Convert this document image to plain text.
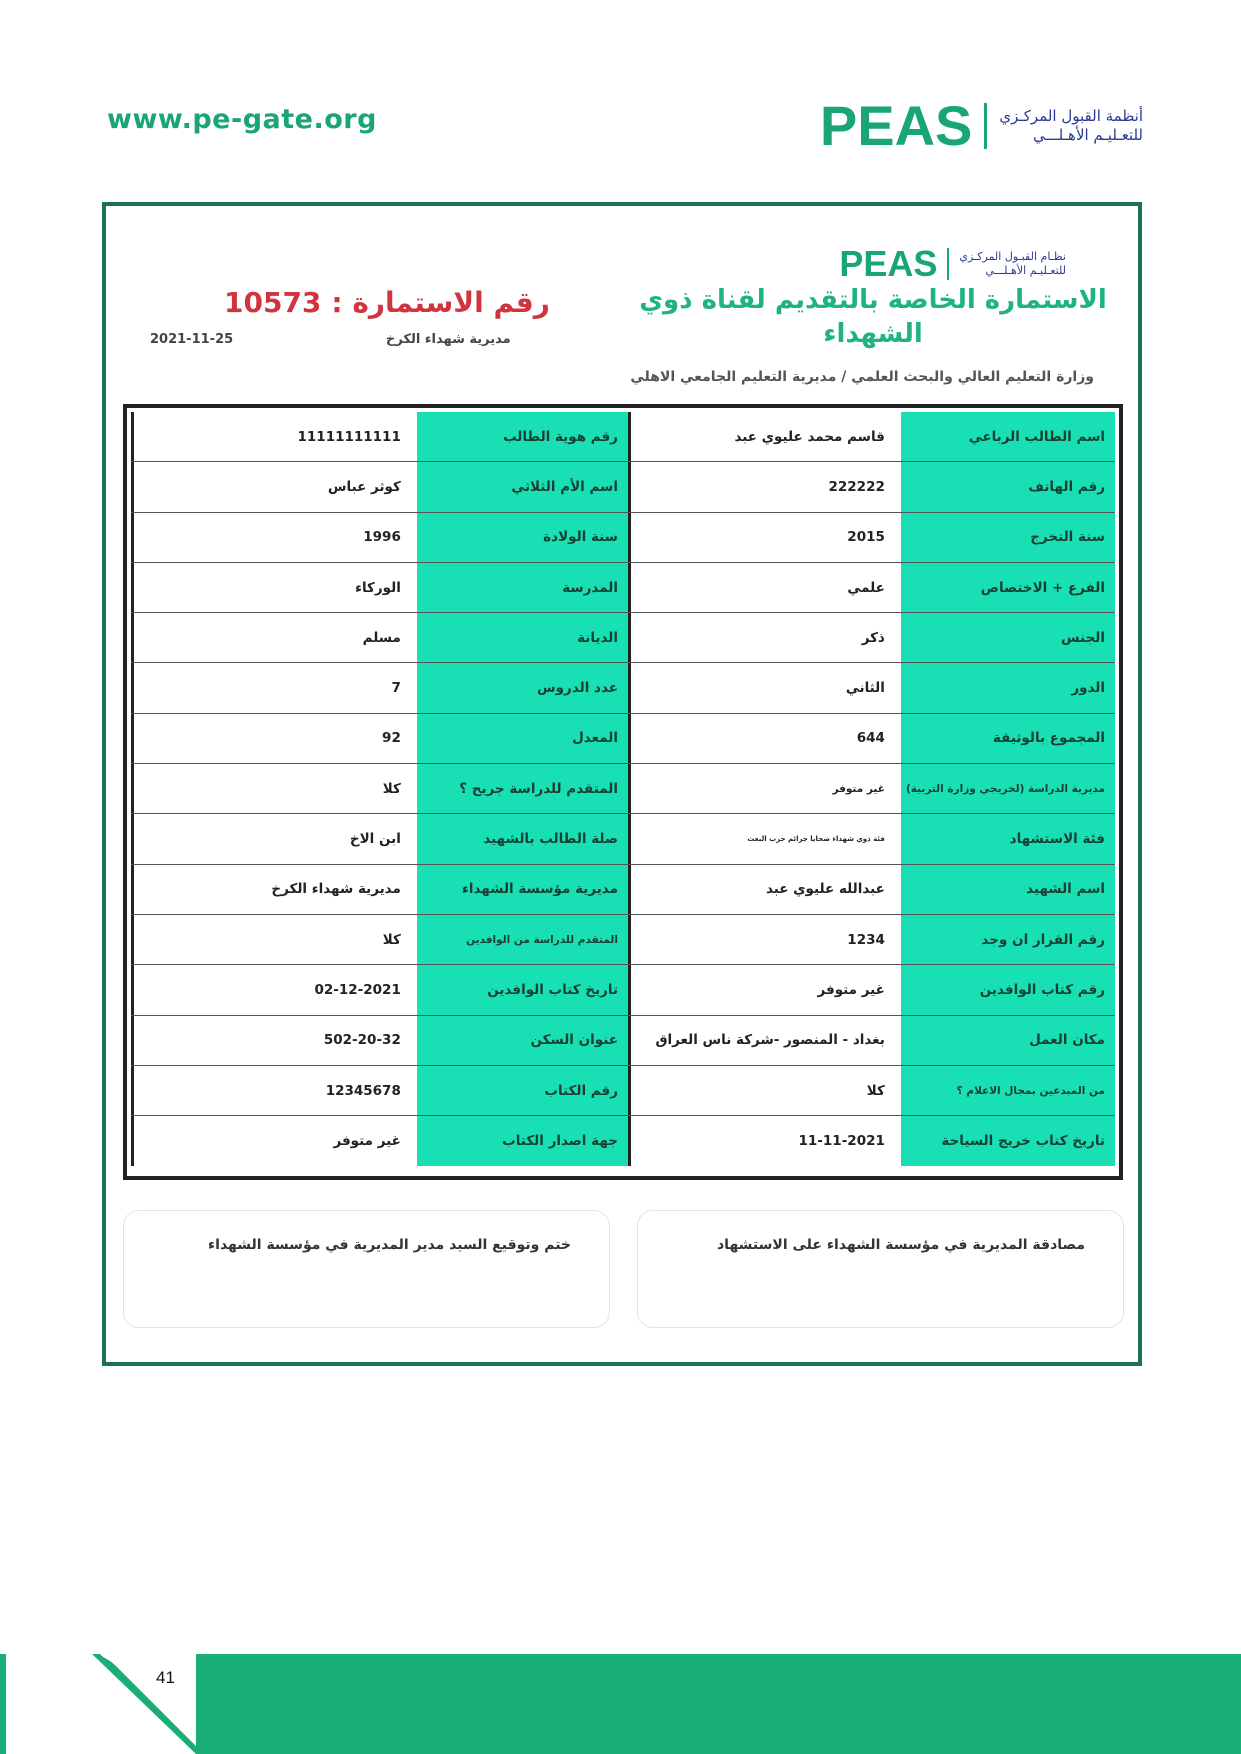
www.pe-gate.org	PEAS أنظمة القبول المركـزي
للتعـليـم الأهـلـــي
PEAS نظـام القبـول المركـزي
للتعـليـم الأهـلـــي
الاستمارة الخاصة بالتقديم لقناة ذوي الشهداء
وزارة التعليم العالي والبحث العلمي / مديرية التعليم الجامعي الاهلي
رقم الاستمارة :
10573
مديرية شهداء الكرخ
2021-11-25
اسم الطالب الرباعي
قاسم محمد عليوي عبد
رقم هوية الطالب
11111111111
رقم الهاتف
222222
اسم الأم الثلاثي
كوثر عباس
سنة التخرج
2015
سنة الولادة
1996
الفرع + الاختصاص
علمي
المدرسة
الوركاء
الجنس
ذكر
الديانة
مسلم
الدور
الثاني
عدد الدروس
7
المجموع بالوثيقة
644
المعدل
92
مديرية الدراسة (لخريجي وزارة التربية)
غير متوفر
المتقدم للدراسة جريح ؟
كلا
فئة الاستشهاد
فئة ذوي شهداء ضحايا جرائم حزب البعث
صلة الطالب بالشهيد
ابن الاخ
اسم الشهيد
عبدالله عليوي عبد
مديرية مؤسسة الشهداء
مديرية شهداء الكرخ
رقم القرار ان وجد
1234
المتقدم للدراسة من الوافدين
كلا
رقم كتاب الوافدين
غير متوفر
تاريخ كتاب الوافدين
02-12-2021
مكان العمل
بغداد - المنصور -شركة ناس العراق
عنوان السكن
502-20-32
من المبدعين بمجال الاعلام ؟
كلا
رقم الكتاب
12345678
تاريخ كتاب خريج السياحة
11-11-2021
جهة اصدار الكتاب
غير متوفر
مصادقة المديرية في مؤسسة الشهداء على الاستشهاد
ختم وتوقيع السيد مدير المديرية في مؤسسة الشهداء
41
